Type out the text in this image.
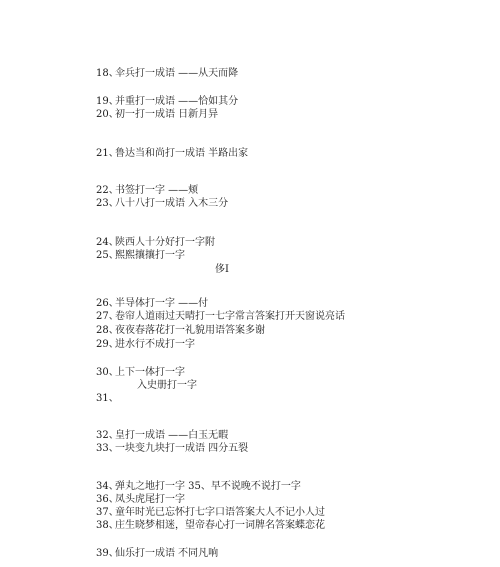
18、
伞兵打一成语 ——从天而降
19、
并重打一成语 ——恰如其分
20、
初一打一成语 日新月异
21、
鲁达当和尚打一成语 半路出家
22、
书签打一字 ——颊
23、
八十八打一成语 入木三分
24、
陕西人十分好打一字附
25、
熙熙攘攘打一字
侈I
26、
半导体打一字 ——付
27、
卷帘人道雨过天晴打一七字常言答案打开天窗说亮话
28、
夜夜春落花打一礼貌用语答案多谢
29、
进水行不成打一字
30、
上下一体打一字
入史册打一字
31、
32、
皇打一成语 ——白玉无暇
33、
一块变九块打一成语 四分五裂
34、
弹丸之地打一字 35、早不说晚不说打一字
36、
凤头虎尾打一字
37、
童年时光已忘怀打七字口语答案大人不记小人过
38、
庄生晓梦相迷，望帝春心打一词牌名答案蝶恋花
39、
仙乐打一成语 不同凡响
